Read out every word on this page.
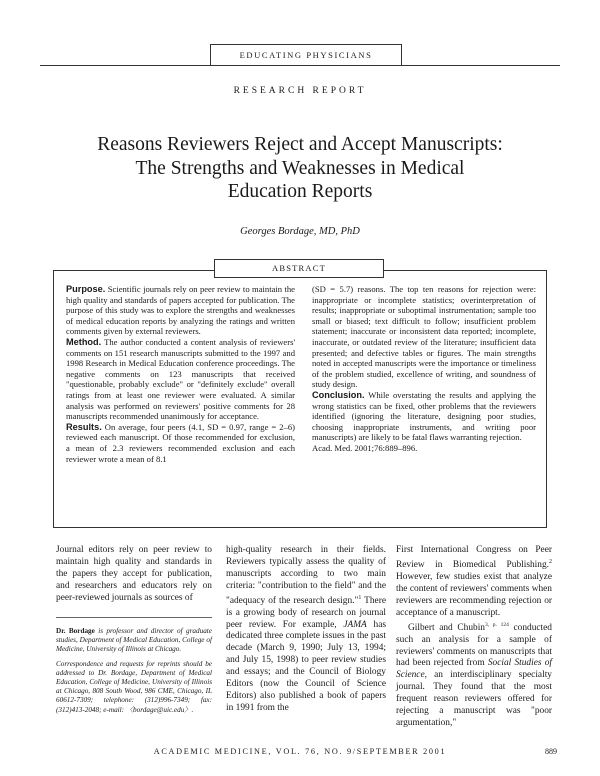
EDUCATING PHYSICIANS
RESEARCH REPORT
Reasons Reviewers Reject and Accept Manuscripts:
The Strengths and Weaknesses in Medical
Education Reports
Georges Bordage, MD, PhD
ABSTRACT

Purpose. Scientific journals rely on peer review to maintain the high quality and standards of papers accepted for publication. The purpose of this study was to explore the strengths and weaknesses of medical education reports by analyzing the ratings and written comments given by external reviewers.

Method. The author conducted a content analysis of reviewers' comments on 151 research manuscripts submitted to the 1997 and 1998 Research in Medical Education conference proceedings. The negative comments on 123 manuscripts that received "questionable, probably exclude" or "definitely exclude" overall ratings from at least one reviewer were evaluated. A similar analysis was performed on reviewers' positive comments for 28 manuscripts recommended unanimously for acceptance.

Results. On average, four peers (4.1, SD = 0.97, range = 2–6) reviewed each manuscript. Of those recommended for exclusion, a mean of 2.3 reviewers recommended exclusion and each reviewer wrote a mean of 8.1

(SD = 5.7) reasons. The top ten reasons for rejection were: inappropriate or incomplete statistics; overinterpretation of results; inappropriate or suboptimal instrumentation; sample too small or biased; text difficult to follow; insufficient problem statement; inaccurate or inconsistent data reported; incomplete, inaccurate, or outdated review of the literature; insufficient data presented; and defective tables or figures. The main strengths noted in accepted manuscripts were the importance or timeliness of the problem studied, excellence of writing, and soundness of study design.

Conclusion. While overstating the results and applying the wrong statistics can be fixed, other problems that the reviewers identified (ignoring the literature, designing poor studies, choosing inappropriate instruments, and writing poor manuscripts) are likely to be fatal flaws warranting rejection.

Acad. Med. 2001;76:889–896.

Journal editors rely on peer review to maintain high quality and standards in the papers they accept for publication, and researchers and educators rely on peer-reviewed journals as sources of

Dr. Bordage is professor and director of graduate studies, Department of Medical Education, College of Medicine, University of Illinois at Chicago.

Correspondence and requests for reprints should be addressed to Dr. Bordage, Department of Medical Education, College of Medicine, University of Illinois at Chicago, 808 South Wood, 986 CME, Chicago, IL 60612-7309; telephone: (312)996-7349; fax: (312)413-2048; e-mail: 〈bordage@uic.edu〉.

high-quality research in their fields. Reviewers typically assess the quality of manuscripts according to two main criteria: "contribution to the field" and the "adequacy of the research design."$^1$ There is a growing body of research on journal peer review. For example, JAMA has dedicated three complete issues in the past decade (March 9, 1990; July 13, 1994; and July 15, 1998) to peer review studies and essays; and the Council of Biology Editors (now the Council of Science Editors) also published a book of papers in 1991 from the

First International Congress on Peer Review in Biomedical Publishing.$^2$ However, few studies exist that analyze the content of reviewers' comments when reviewers are recommending rejection or acceptance of a manuscript.

Gilbert and Chubin$^{3, p. 124}$ conducted such an analysis for a sample of reviewers' comments on manuscripts that had been rejected from Social Studies of Science, an interdisciplinary specialty journal. They found that the most frequent reason reviewers offered for rejecting a manuscript was "poor argumentation,"

ACADEMIC MEDICINE, VOL. 76, NO. 9/SEPTEMBER 2001	889
